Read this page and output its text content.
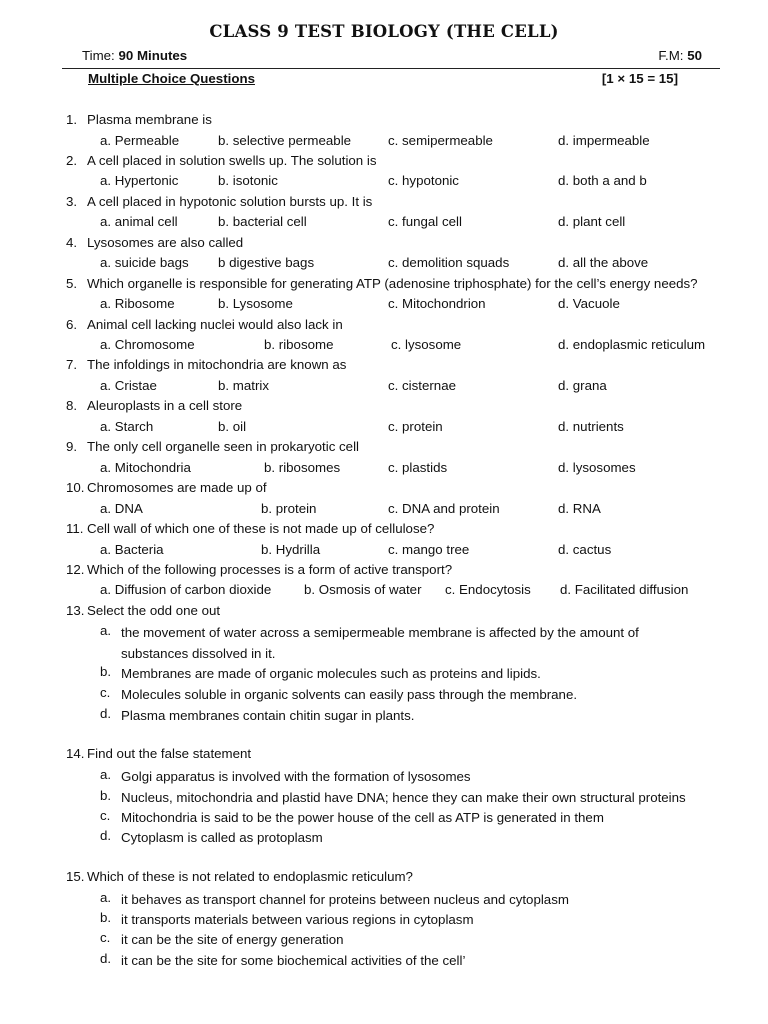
CLASS 9 TEST BIOLOGY (THE CELL)
Time: 90 Minutes	F.M: 50
Multiple Choice Questions	[1 × 15 = 15]
1. Plasma membrane is
a. Permeable	b. selective permeable	c. semipermeable	d. impermeable
2. A cell placed in solution swells up. The solution is
a. Hypertonic	b. isotonic	c. hypotonic	d. both a and b
3. A cell placed in hypotonic solution bursts up. It is
a. animal cell	b. bacterial cell	c. fungal cell	d. plant cell
4. Lysosomes are also called
a. suicide bags b digestive bags	c. demolition squads	d. all the above
5. Which organelle is responsible for generating ATP (adenosine triphosphate) for the cell’s energy needs?
a. Ribosome	b. Lysosome	c. Mitochondrion	d. Vacuole
6. Animal cell lacking nuclei would also lack in
a. Chromosome	b. ribosome	c. lysosome	d. endoplasmic reticulum
7. The infoldings in mitochondria are known as
a. Cristae	b. matrix	c. cisternae	d. grana
8. Aleuroplasts in a cell store
a. Starch	b. oil	c. protein	d. nutrients
9. The only cell organelle seen in prokaryotic cell
a. Mitochondria	b. ribosomes	c. plastids	d. lysosomes
10. Chromosomes are made up of
a. DNA	b. protein	c. DNA and protein	d. RNA
11. Cell wall of which one of these is not made up of cellulose?
a. Bacteria	b. Hydrilla	c. mango tree	d. cactus
12. Which of the following processes is a form of active transport?
a. Diffusion of carbon dioxide b. Osmosis of water c. Endocytosis d. Facilitated diffusion
13. Select the odd one out
a. the movement of water across a semipermeable membrane is affected by the amount of substances dissolved in it.
b. Membranes are made of organic molecules such as proteins and lipids.
c. Molecules soluble in organic solvents can easily pass through the membrane.
d. Plasma membranes contain chitin sugar in plants.
14. Find out the false statement
a. Golgi apparatus is involved with the formation of lysosomes
b. Nucleus, mitochondria and plastid have DNA; hence they can make their own structural proteins
c. Mitochondria is said to be the power house of the cell as ATP is generated in them
d. Cytoplasm is called as protoplasm
15. Which of these is not related to endoplasmic reticulum?
a. it behaves as transport channel for proteins between nucleus and cytoplasm
b. it transports materials between various regions in cytoplasm
c. it can be the site of energy generation
d. it can be the site for some biochemical activities of the cell’
